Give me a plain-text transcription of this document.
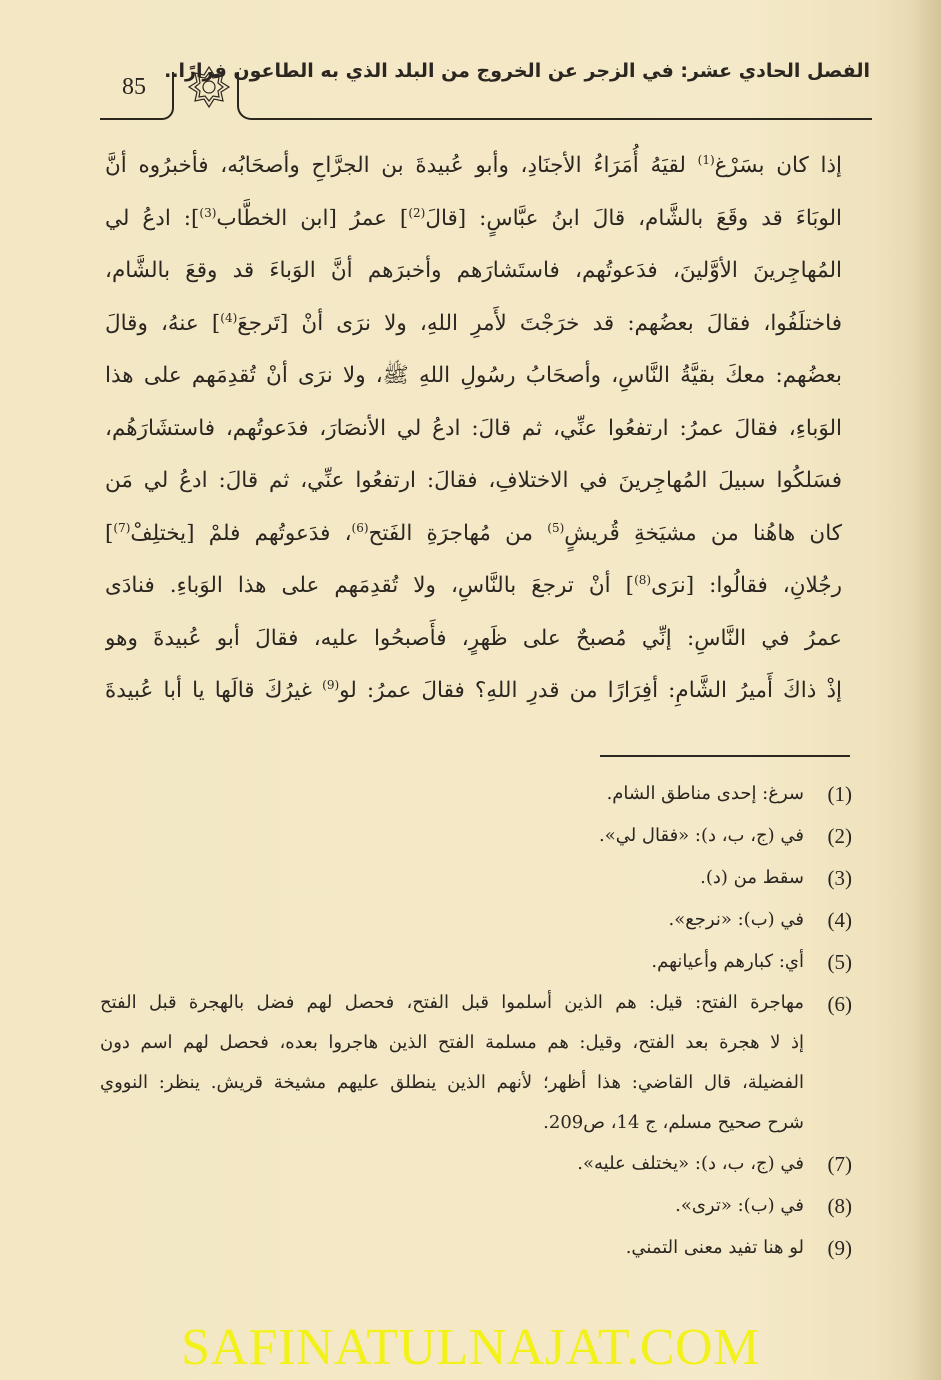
85
الفصل الحادي عشر: في الزجر عن الخروج من البلد الذي به الطاعون فرارًا..
إذا كان بسَرْغ$^{(1)}$ لقيَهُ أُمَرَاءُ الأجنَادِ، وأبو عُبيدةَ بن الجرَّاحِ وأصحَابُه، فأخبرُوه أنَّ
الوبَاءَ قد وقَعَ بالشَّام، قالَ ابنُ عبَّاسٍ: [قالَ$^{(2)}$] عمرُ [ابن الخطَّاب$^{(3)}$]: ادعُ لي
المُهاجِرينَ الأوَّلينَ، فدَعوتُهم، فاستَشارَهم وأخبرَهم أنَّ الوَباءَ قد وقعَ بالشَّام،
فاختلَفُوا، فقالَ بعضُهم: قد خرَجْتَ لأَمرِ اللهِ، ولا نرَى أنْ [تَرجعَ$^{(4)}$] عنهُ، وقالَ
بعضُهم: معكَ بقيَّةُ النَّاسِ، وأصحَابُ رسُولِ اللهِ ﷺ، ولا نرَى أنْ تُقدِمَهم على هذا
الوَباءِ، فقالَ عمرُ: ارتفعُوا عنِّي، ثم قالَ: ادعُ لي الأنصَارَ، فدَعوتُهم، فاستشَارَهُم،
فسَلكُوا سبيلَ المُهاجِرينَ في الاختلافِ، فقالَ: ارتفعُوا عنِّي، ثم قالَ: ادعُ لي مَن
كان هاهُنا من مشيَخةِ قُريشٍ$^{(5)}$ من مُهاجرَةِ الفَتح$^{(6)}$، فدَعوتُهم فلمْ [يختلِفْ$^{(7)}$]
رجُلانِ، فقالُوا: [نرَى$^{(8)}$] أنْ ترجعَ بالنَّاسِ، ولا تُقدِمَهم على هذا الوَباءِ. فنادَى
عمرُ في النَّاسِ: إنِّي مُصبحٌ على ظَهرٍ، فأَصبحُوا عليه، فقالَ أبو عُبيدةَ وهو
إذْ ذاكَ أَميرُ الشَّامِ: أفِرَارًا من قدرِ اللهِ؟ فقالَ عمرُ: لو$^{(9)}$ غيرُكَ قالَها يا أبا عُبيدةَ
(1)
سرغ: إحدى مناطق الشام.
(2)
في (ج، ب، د): «فقال لي».
(3)
سقط من (د).
(4)
في (ب): «نرجع».
(5)
أي: كبارهم وأعيانهم.
(6)
مهاجرة الفتح: قيل: هم الذين أسلموا قبل الفتح، فحصل لهم فضل بالهجرة قبل الفتح
إذ لا هجرة بعد الفتح، وقيل: هم مسلمة الفتح الذين هاجروا بعده، فحصل لهم اسم دون
الفضيلة، قال القاضي: هذا أظهر؛ لأنهم الذين ينطلق عليهم مشيخة قريش. ينظر: النووي
شرح صحيح مسلم، ج 14، ص209.
(7)
في (ج، ب، د): «يختلف عليه».
(8)
في (ب): «ترى».
(9)
لو هنا تفيد معنى التمني.
SAFINATULNAJAT.COM
